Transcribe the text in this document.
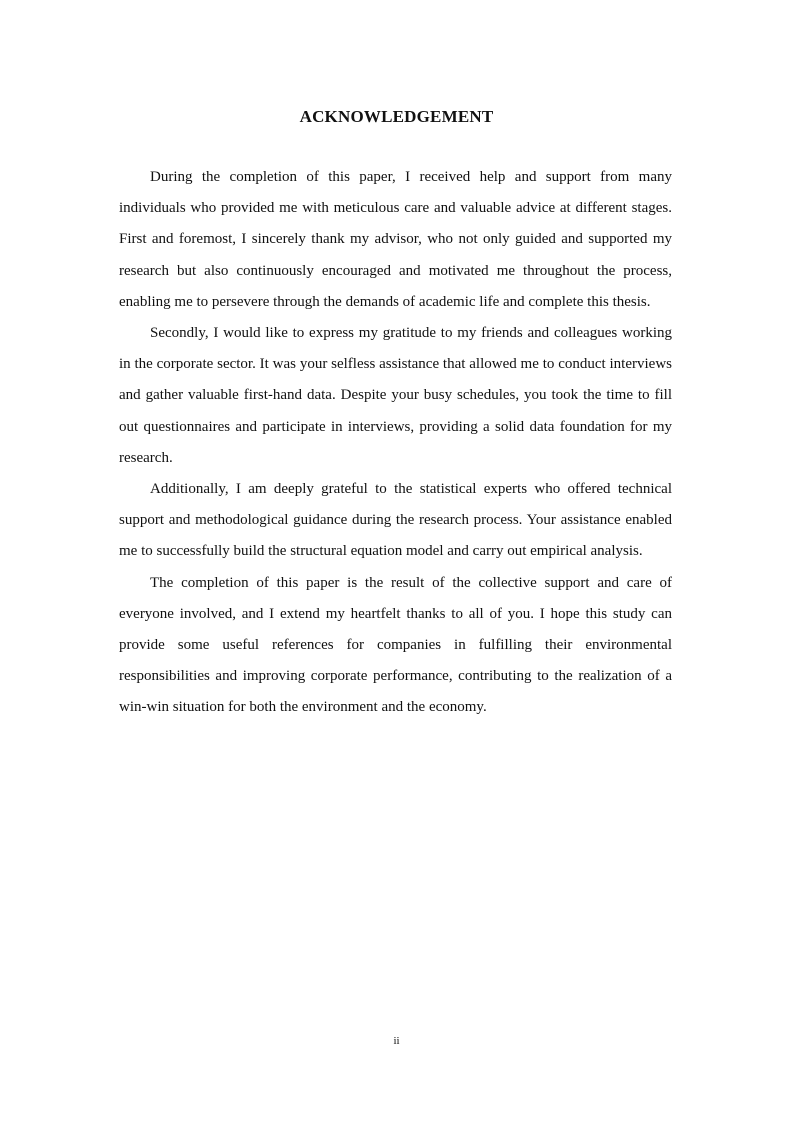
ACKNOWLEDGEMENT

During the completion of this paper, I received help and support from many individuals who provided me with meticulous care and valuable advice at different stages. First and foremost, I sincerely thank my advisor, who not only guided and supported my research but also continuously encouraged and motivated me throughout the process, enabling me to persevere through the demands of academic life and complete this thesis.

Secondly, I would like to express my gratitude to my friends and colleagues working in the corporate sector. It was your selfless assistance that allowed me to conduct interviews and gather valuable first-hand data. Despite your busy schedules, you took the time to fill out questionnaires and participate in interviews, providing a solid data foundation for my research.

Additionally, I am deeply grateful to the statistical experts who offered technical support and methodological guidance during the research process. Your assistance enabled me to successfully build the structural equation model and carry out empirical analysis.

The completion of this paper is the result of the collective support and care of everyone involved, and I extend my heartfelt thanks to all of you. I hope this study can provide some useful references for companies in fulfilling their environmental responsibilities and improving corporate performance, contributing to the realization of a win-win situation for both the environment and the economy.

ii
